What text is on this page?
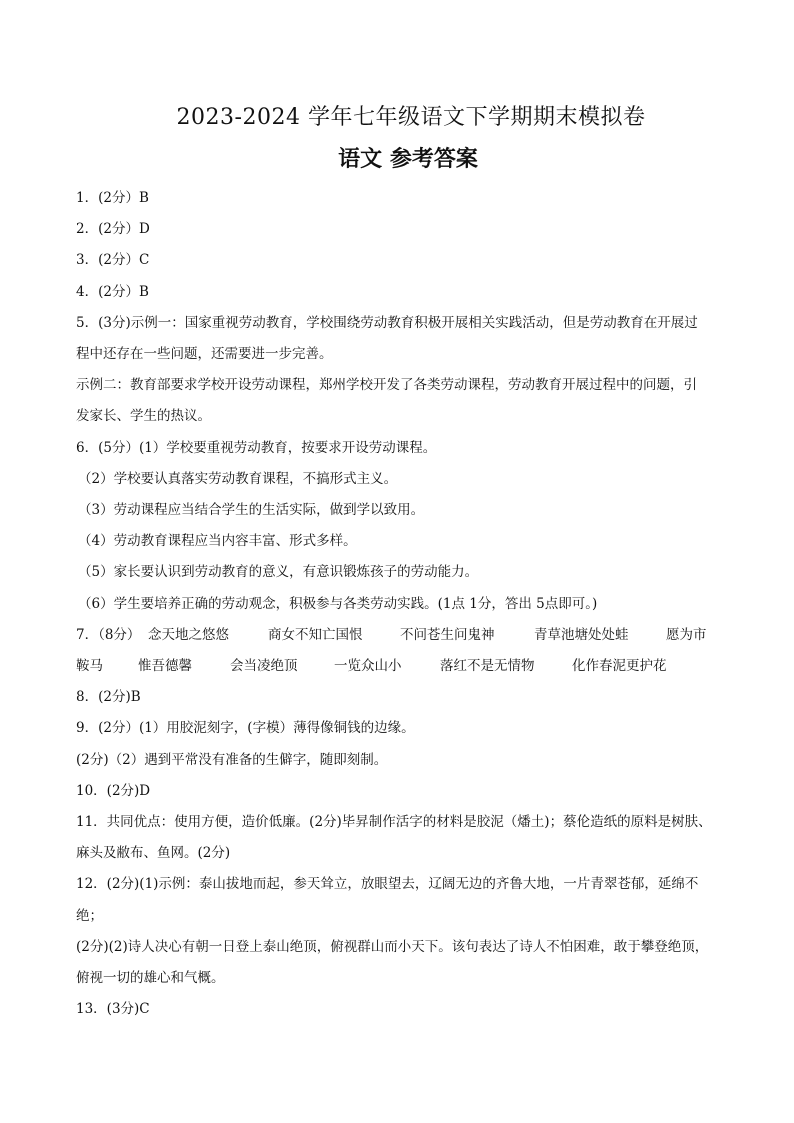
2023-2024 学年七年级语文下学期期末模拟卷
语文 参考答案
1．(2分）B
2．(2分）D
3．(2分）C
4．(2分）B
5．(3分)示例一：国家重视劳动教育，学校围绕劳动教育积极开展相关实践活动，但是劳动教育在开展过
程中还存在一些问题，还需要进一步完善。
示例二：教育部要求学校开设劳动课程，郑州学校开发了各类劳动课程，劳动教育开展过程中的问题，引
发家长、学生的热议。
6．(5分）(1）学校要重视劳动教育，按要求开设劳动课程。
（2）学校要认真落实劳动教育课程，不搞形式主义。
（3）劳动课程应当结合学生的生活实际，做到学以致用。
（4）劳动教育课程应当内容丰富、形式多样。
（5）家长要认识到劳动教育的意义，有意识锻炼孩子的劳动能力。
（6）学生要培养正确的劳动观念，积极参与各类劳动实践。(1点 1分，答出 5点即可。)
7．（8分） 念天地之悠悠	商女不知亡国恨	不问苍生问鬼神	青草池塘处处蛙	愿为市
鞍马	惟吾德馨	会当凌绝顶	一览众山小	落红不是无情物	化作春泥更护花
8．(2分)B
9．(2分）(1）用胶泥刻字，(字模）薄得像铜钱的边缘。
(2分)（2）遇到平常没有准备的生僻字，随即刻制。
10．(2分)D
11．共同优点：使用方便，造价低廉。(2分)毕昇制作活字的材料是胶泥（燔土)；蔡伦造纸的原料是树肤、
麻头及敝布、鱼网。(2分)
12．(2分)(1)示例：泰山拔地而起，参天耸立，放眼望去，辽阔无边的齐鲁大地，一片青翠苍郁，延绵不
绝；
(2分)(2)诗人决心有朝一日登上泰山绝顶，俯视群山而小天下。该句表达了诗人不怕困难，敢于攀登绝顶，
俯视一切的雄心和气概。
13．(3分)C
